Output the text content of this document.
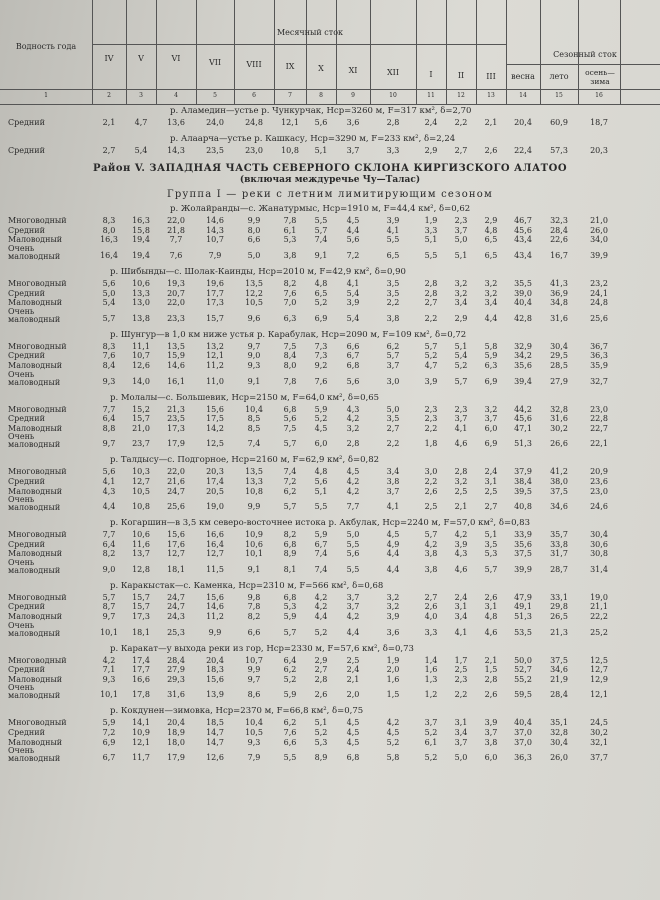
Водность года
Месячный сток
Сезонный сток
IV	V	VI	VII	VIII	IX	X	XI	XII	I	II	III	весна	лето	осень—зима
1	2	3	4	5	6	7	8	9	10	11	12	13	14	15	16
р. Аламедин—устье р. Чункурчак, Hср=3260 м, F=317 км², δ=2,70
Средний	2,1	4,7	13,6	24,0	24,8	12,1	5,6	3,6	2,8	2,4	2,2	2,1	20,4	60,9	18,7
р. Алаарча—устье р. Кашкасу, Hср=3290 м, F=233 км², δ=2,24
Средний	2,7	5,4	14,3	23,5	23,0	10,8	5,1	3,7	3,3	2,9	2,7	2,6	22,4	57,3	20,3
Район V. ЗАПАДНАЯ ЧАСТЬ СЕВЕРНОГО СКЛОНА КИРГИЗСКОГО АЛАТОО
(включая междуречье Чу—Талас)
Группа I — реки с летним лимитирующим сезоном
р. Жолайранды—с. Жанатурмыс, Hср=1910 м, F=44,4 км², δ=0,62
Многоводный	8,3	16,3	22,0	14,6	9,9	7,8	5,5	4,5	3,9	1,9	2,3	2,9	46,7	32,3	21,0
Средний	8,0	15,8	21,8	14,3	8,0	6,1	5,7	4,4	4,1	3,3	3,7	4,8	45,6	28,4	26,0
Маловодный	16,3	19,4	7,7	10,7	6,6	5,3	7,4	5,6	5,5	5,1	5,0	6,5	43,4	22,6	34,0
Очень маловодный	16,4	19,4	7,6	7,9	5,0	3,8	9,1	7,2	6,5	5,5	5,1	6,5	43,4	16,7	39,9
р. Шибынды—с. Шолак-Каинды, Hср=2010 м, F=42,9 км², δ=0,90
Многоводный	5,6	10,6	19,3	19,6	13,5	8,2	4,8	4,1	3,5	2,8	3,2	3,2	35,5	41,3	23,2
Средний	5,0	13,3	20,7	17,7	12,2	7,6	6,5	5,4	3,5	2,8	3,2	3,2	39,0	36,9	24,1
Маловодный	5,4	13,0	22,0	17,3	10,5	7,0	5,2	3,9	2,2	2,7	3,4	3,4	40,4	34,8	24,8
Очень маловодный	5,7	13,8	23,3	15,7	9,6	6,3	6,9	5,4	3,8	2,2	2,9	4,4	42,8	31,6	25,6
р. Шунгур—в 1,0 км ниже устья р. Карабулак, Hср=2090 м, F=109 км², δ=0,72
Многоводный	8,3	11,1	13,5	13,2	9,7	7,5	7,3	6,6	6,2	5,7	5,1	5,8	32,9	30,4	36,7
Средний	7,6	10,7	15,9	12,1	9,0	8,4	7,3	6,7	5,7	5,2	5,4	5,9	34,2	29,5	36,3
Маловодный	8,4	12,6	14,6	11,2	9,3	8,0	9,2	6,8	3,7	4,7	5,2	6,3	35,6	28,5	35,9
Очень маловодный	9,3	14,0	16,1	11,0	9,1	7,8	7,6	5,6	3,0	3,9	5,7	6,9	39,4	27,9	32,7
р. Молалы—с. Большевик, Hср=2150 м, F=64,0 км², δ=0,65
Многоводный	7,7	15,2	21,3	15,6	10,4	6,8	5,9	4,3	5,0	2,3	2,3	3,2	44,2	32,8	23,0
Средний	6,4	15,7	23,5	17,5	8,5	5,6	5,2	4,2	3,5	2,3	3,7	3,7	45,6	31,6	22,8
Маловодный	8,8	21,0	17,3	14,2	8,5	7,5	4,5	3,2	2,7	2,2	4,1	6,0	47,1	30,2	22,7
Очень маловодный	9,7	23,7	17,9	12,5	7,4	5,7	6,0	2,8	2,2	1,8	4,6	6,9	51,3	26,6	22,1
р. Талдысу—с. Подгорное, Hср=2160 м, F=62,9 км², δ=0,82
Многоводный	5,6	10,3	22,0	20,3	13,5	7,4	4,8	4,5	3,4	3,0	2,8	2,4	37,9	41,2	20,9
Средний	4,1	12,7	21,6	17,4	13,3	7,2	5,6	4,2	3,8	2,2	3,2	3,1	38,4	38,0	23,6
Маловодный	4,3	10,5	24,7	20,5	10,8	6,2	5,1	4,2	3,7	2,6	2,5	2,5	39,5	37,5	23,0
Очень маловодный	4,4	10,8	25,6	19,0	9,9	5,7	5,5	7,7	4,1	2,5	2,1	2,7	40,8	34,6	24,6
р. Когаршин—в 3,5 км северо-восточнее истока р. Акбулак, Hср=2240 м, F=57,0 км², δ=0,83
Многоводный	7,7	10,6	15,6	16,6	10,9	8,2	5,9	5,0	4,5	5,7	4,2	5,1	33,9	35,7	30,4
Средний	6,4	11,6	17,6	16,4	10,6	6,8	6,7	5,5	4,9	4,2	3,9	3,5	35,6	33,8	30,6
Маловодный	8,2	13,7	12,7	12,7	10,1	8,9	7,4	5,6	4,4	3,8	4,3	5,3	37,5	31,7	30,8
Очень маловодный	9,0	12,8	18,1	11,5	9,1	8,1	7,4	5,5	4,4	3,8	4,6	5,7	39,9	28,7	31,4
р. Каракыстак—с. Каменка, Hср=2310 м, F=566 км², δ=0,68
Многоводный	5,7	15,7	24,7	15,6	9,8	6,8	4,2	3,7	3,2	2,7	2,4	2,6	47,9	33,1	19,0
Средний	8,7	15,7	24,7	14,6	7,8	5,3	4,2	3,7	3,2	2,6	3,1	3,1	49,1	29,8	21,1
Маловодный	9,7	17,3	24,3	11,2	8,2	5,9	4,4	4,2	3,9	4,0	3,4	4,8	51,3	26,5	22,2
Очень маловодный	10,1	18,1	25,3	9,9	6,6	5,7	5,2	4,4	3,6	3,3	4,1	4,6	53,5	21,3	25,2
р. Каракат—у выхода реки из гор, Hср=2330 м, F=57,6 км², δ=0,73
Многоводный	4,2	17,4	28,4	20,4	10,7	6,4	2,9	2,5	1,9	1,4	1,7	2,1	50,0	37,5	12,5
Средний	7,1	17,7	27,9	18,3	9,9	6,2	2,7	2,4	2,0	1,6	2,5	1,5	52,7	34,6	12,7
Маловодный	9,3	16,6	29,3	15,6	9,7	5,2	2,8	2,1	1,6	1,3	2,3	2,8	55,2	21,9	12,9
Очень маловодный	10,1	17,8	31,6	13,9	8,6	5,9	2,6	2,0	1,5	1,2	2,2	2,6	59,5	28,4	12,1
р. Кокдунен—зимовка, Hср=2370 м, F=66,8 км², δ=0,75
Многоводный	5,9	14,1	20,4	18,5	10,4	6,2	5,1	4,5	4,2	3,7	3,1	3,9	40,4	35,1	24,5
Средний	7,2	10,9	18,9	14,7	10,5	7,6	5,2	4,5	4,5	5,2	3,4	3,7	37,0	32,8	30,2
Маловодный	6,9	12,1	18,0	14,7	9,3	6,6	5,3	4,5	5,2	6,1	3,7	3,8	37,0	30,4	32,1
Очень маловодный	6,7	11,7	17,9	12,6	7,9	5,5	8,9	6,8	5,8	5,2	5,0	6,0	36,3	26,0	37,7
